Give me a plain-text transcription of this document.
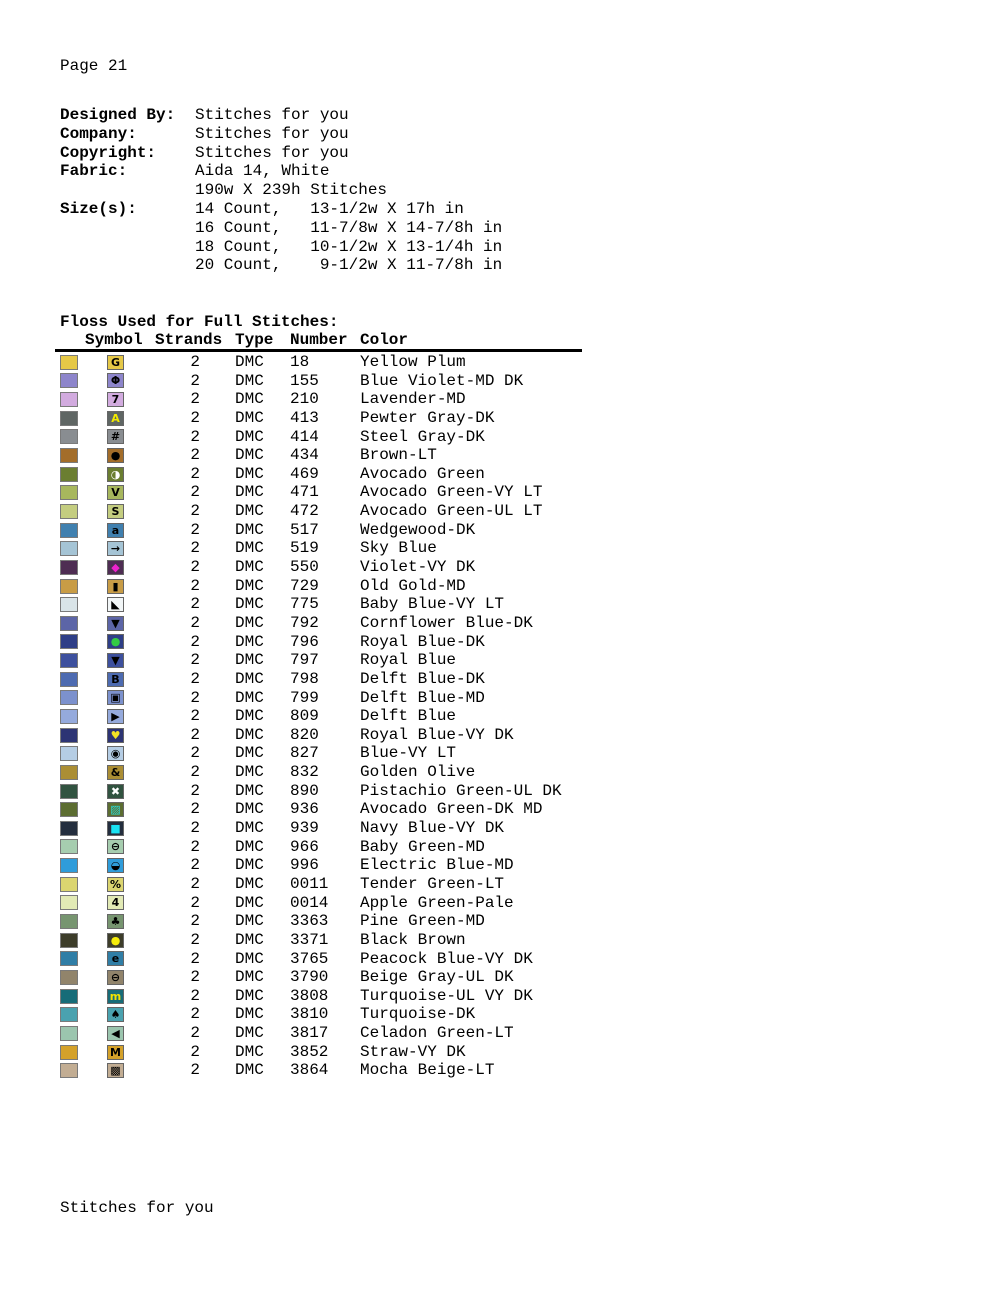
Page 21
Designed By:	Stitches for you
Company:	Stitches for you
Copyright:	Stitches for you
Fabric:	Aida 14, White
190w X 239h Stitches
Size(s):	14 Count,   13-1/2w X 17h in
16 Count,   11-7/8w X 14-7/8h in
18 Count,   10-1/2w X 13-1/4h in
20 Count,    9-1/2w X 11-7/8h in
Floss Used for Full Stitches:
Symbol Strands Type Number Color
G	2	DMC	18	Yellow Plum
Φ	2	DMC	155	Blue Violet-MD DK
7	2	DMC	210	Lavender-MD
A	2	DMC	413	Pewter Gray-DK
#	2	DMC	414	Steel Gray-DK
●	2	DMC	434	Brown-LT
◑	2	DMC	469	Avocado Green
V	2	DMC	471	Avocado Green-VY LT
S	2	DMC	472	Avocado Green-UL LT
a	2	DMC	517	Wedgewood-DK
→	2	DMC	519	Sky Blue
◆	2	DMC	550	Violet-VY DK
▮	2	DMC	729	Old Gold-MD
◣	2	DMC	775	Baby Blue-VY LT
▼	2	DMC	792	Cornflower Blue-DK
●	2	DMC	796	Royal Blue-DK
▼	2	DMC	797	Royal Blue
B	2	DMC	798	Delft Blue-DK
▣	2	DMC	799	Delft Blue-MD
▶	2	DMC	809	Delft Blue
♥	2	DMC	820	Royal Blue-VY DK
◉	2	DMC	827	Blue-VY LT
&	2	DMC	832	Golden Olive
✖	2	DMC	890	Pistachio Green-UL DK
▨	2	DMC	936	Avocado Green-DK MD
■	2	DMC	939	Navy Blue-VY DK
⊖	2	DMC	966	Baby Green-MD
◒	2	DMC	996	Electric Blue-MD
%	2	DMC	0011	Tender Green-LT
4	2	DMC	0014	Apple Green-Pale
♣	2	DMC	3363	Pine Green-MD
●	2	DMC	3371	Black Brown
e	2	DMC	3765	Peacock Blue-VY DK
⊖	2	DMC	3790	Beige Gray-UL DK
m	2	DMC	3808	Turquoise-UL VY DK
♠	2	DMC	3810	Turquoise-DK
◀	2	DMC	3817	Celadon Green-LT
M	2	DMC	3852	Straw-VY DK
▩	2	DMC	3864	Mocha Beige-LT
Stitches for you
